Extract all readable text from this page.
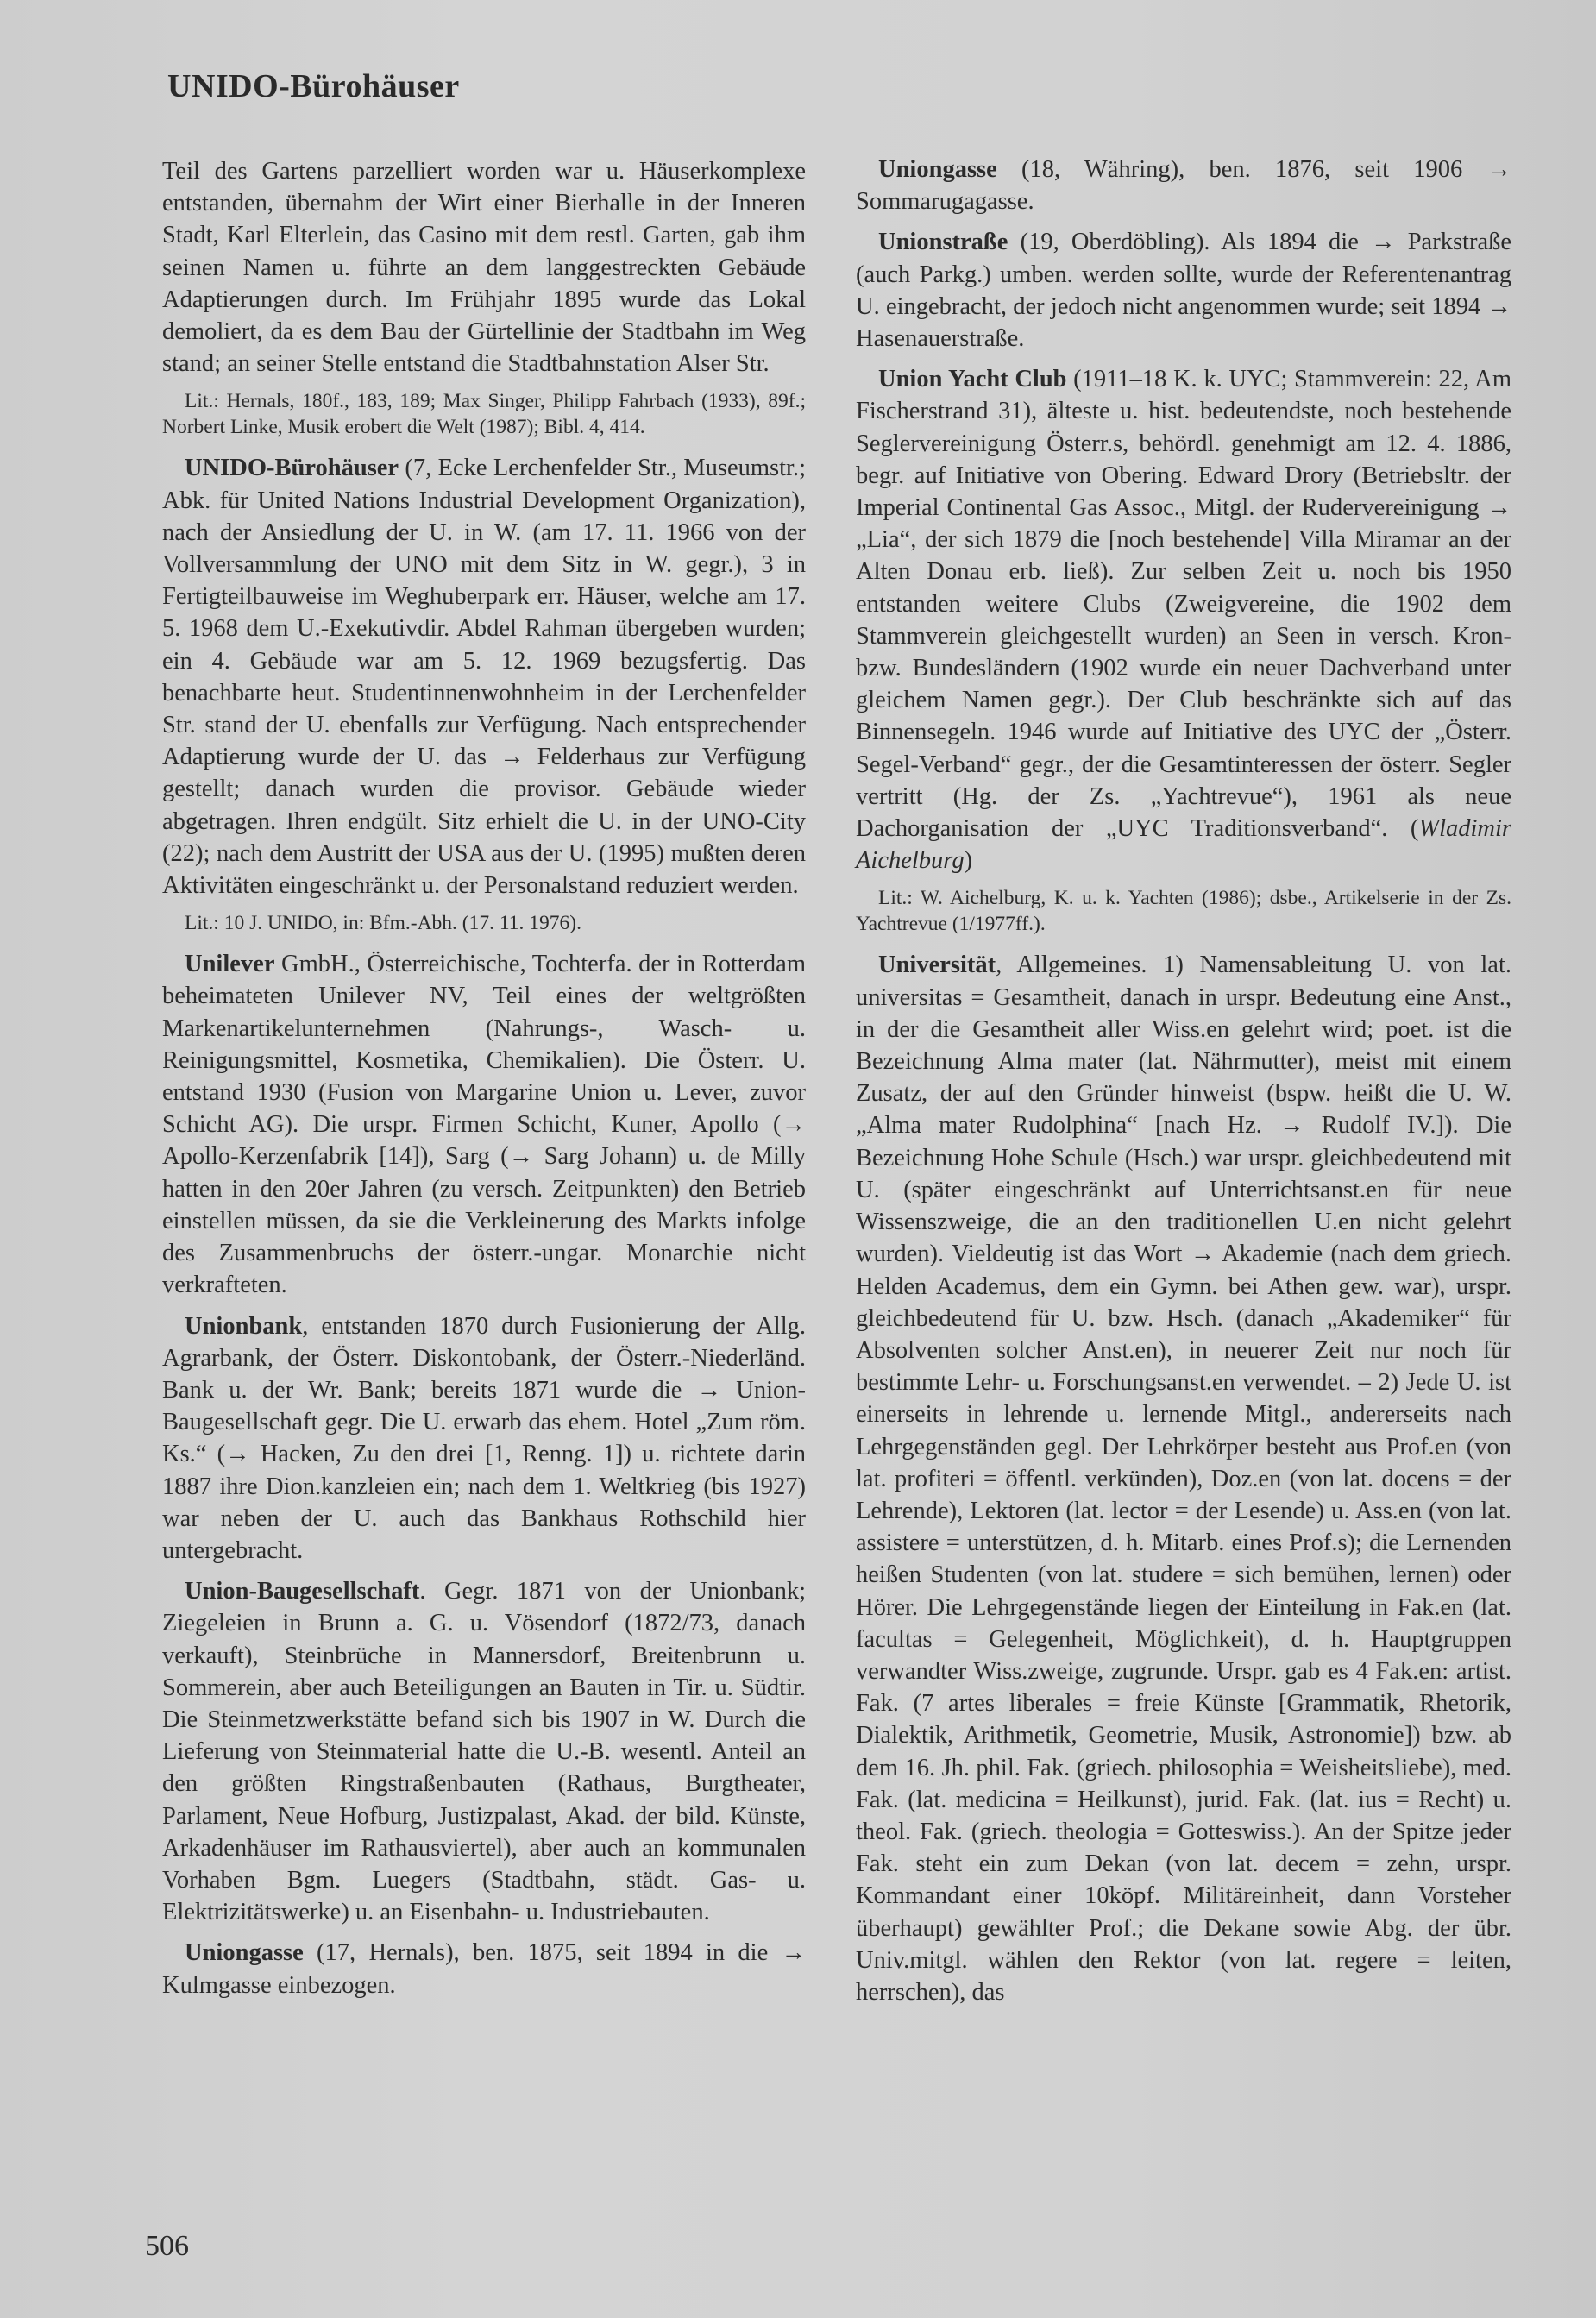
UNIDO-Bürohäuser

Teil des Gartens parzelliert worden war u. Häuserkomplexe entstanden, übernahm der Wirt einer Bierhalle in der Inneren Stadt, Karl Elterlein, das Casino mit dem restl. Garten, gab ihm seinen Namen u. führte an dem langgestreckten Gebäude Adaptierungen durch. Im Frühjahr 1895 wurde das Lokal demoliert, da es dem Bau der Gürtellinie der Stadtbahn im Weg stand; an seiner Stelle entstand die Stadtbahnstation Alser Str.

Lit.: Hernals, 180f., 183, 189; Max Singer, Philipp Fahrbach (1933), 89f.; Norbert Linke, Musik erobert die Welt (1987); Bibl. 4, 414.

UNIDO-Bürohäuser (7, Ecke Lerchenfelder Str., Museumstr.; Abk. für United Nations Industrial Development Organization), nach der Ansiedlung der U. in W. (am 17. 11. 1966 von der Vollversammlung der UNO mit dem Sitz in W. gegr.), 3 in Fertigteilbauweise im Weghuberpark err. Häuser, welche am 17. 5. 1968 dem U.-Exekutivdir. Abdel Rahman übergeben wurden; ein 4. Gebäude war am 5. 12. 1969 bezugsfertig. Das benachbarte heut. Studentinnenwohnheim in der Lerchenfelder Str. stand der U. ebenfalls zur Verfügung. Nach entsprechender Adaptierung wurde der U. das → Felderhaus zur Verfügung gestellt; danach wurden die provisor. Gebäude wieder abgetragen. Ihren endgült. Sitz erhielt die U. in der UNO-City (22); nach dem Austritt der USA aus der U. (1995) mußten deren Aktivitäten eingeschränkt u. der Personalstand reduziert werden.

Lit.: 10 J. UNIDO, in: Bfm.-Abh. (17. 11. 1976).

Unilever GmbH., Österreichische, Tochterfa. der in Rotterdam beheimateten Unilever NV, Teil eines der weltgrößten Markenartikelunternehmen (Nahrungs-, Wasch- u. Reinigungsmittel, Kosmetika, Chemikalien). Die Österr. U. entstand 1930 (Fusion von Margarine Union u. Lever, zuvor Schicht AG). Die urspr. Firmen Schicht, Kuner, Apollo (→ Apollo-Kerzenfabrik [14]), Sarg (→ Sarg Johann) u. de Milly hatten in den 20er Jahren (zu versch. Zeitpunkten) den Betrieb einstellen müssen, da sie die Verkleinerung des Markts infolge des Zusammenbruchs der österr.-ungar. Monarchie nicht verkrafteten.

Unionbank, entstanden 1870 durch Fusionierung der Allg. Agrarbank, der Österr. Diskontobank, der Österr.-Niederländ. Bank u. der Wr. Bank; bereits 1871 wurde die → Union-Baugesellschaft gegr. Die U. erwarb das ehem. Hotel „Zum röm. Ks.“ (→ Hacken, Zu den drei [1, Renng. 1]) u. richtete darin 1887 ihre Dion.kanzleien ein; nach dem 1. Weltkrieg (bis 1927) war neben der U. auch das Bankhaus Rothschild hier untergebracht.

Union-Baugesellschaft. Gegr. 1871 von der Unionbank; Ziegeleien in Brunn a. G. u. Vösendorf (1872/73, danach verkauft), Steinbrüche in Mannersdorf, Breitenbrunn u. Sommerein, aber auch Beteiligungen an Bauten in Tir. u. Südtir. Die Steinmetzwerkstätte befand sich bis 1907 in W. Durch die Lieferung von Steinmaterial hatte die U.-B. wesentl. Anteil an den größten Ringstraßenbauten (Rathaus, Burgtheater, Parlament, Neue Hofburg, Justizpalast, Akad. der bild. Künste, Arkadenhäuser im Rathausviertel), aber auch an kommunalen Vorhaben Bgm. Luegers (Stadtbahn, städt. Gas- u. Elektrizitätswerke) u. an Eisenbahn- u. Industriebauten.

Uniongasse (17, Hernals), ben. 1875, seit 1894 in die → Kulmgasse einbezogen.

Uniongasse (18, Währing), ben. 1876, seit 1906 → Sommarugagasse.

Unionstraße (19, Oberdöbling). Als 1894 die → Parkstraße (auch Parkg.) umben. werden sollte, wurde der Referentenantrag U. eingebracht, der jedoch nicht angenommen wurde; seit 1894 → Hasenauerstraße.

Union Yacht Club (1911–18 K. k. UYC; Stammverein: 22, Am Fischerstrand 31), älteste u. hist. bedeutendste, noch bestehende Seglervereinigung Österr.s, behördl. genehmigt am 12. 4. 1886, begr. auf Initiative von Obering. Edward Drory (Betriebsltr. der Imperial Continental Gas Assoc., Mitgl. der Rudervereinigung → „Lia“, der sich 1879 die [noch bestehende] Villa Miramar an der Alten Donau erb. ließ). Zur selben Zeit u. noch bis 1950 entstanden weitere Clubs (Zweigvereine, die 1902 dem Stammverein gleichgestellt wurden) an Seen in versch. Kron- bzw. Bundesländern (1902 wurde ein neuer Dachverband unter gleichem Namen gegr.). Der Club beschränkte sich auf das Binnensegeln. 1946 wurde auf Initiative des UYC der „Österr. Segel-Verband“ gegr., der die Gesamtinteressen der österr. Segler vertritt (Hg. der Zs. „Yachtrevue“), 1961 als neue Dachorganisation der „UYC Traditionsverband“. (Wladimir Aichelburg)

Lit.: W. Aichelburg, K. u. k. Yachten (1986); dsbe., Artikelserie in der Zs. Yachtrevue (1/1977ff.).

Universität, Allgemeines. 1) Namensableitung U. von lat. universitas = Gesamtheit, danach in urspr. Bedeutung eine Anst., in der die Gesamtheit aller Wiss.en gelehrt wird; poet. ist die Bezeichnung Alma mater (lat. Nährmutter), meist mit einem Zusatz, der auf den Gründer hinweist (bspw. heißt die U. W. „Alma mater Rudolphina“ [nach Hz. → Rudolf IV.]). Die Bezeichnung Hohe Schule (Hsch.) war urspr. gleichbedeutend mit U. (später eingeschränkt auf Unterrichtsanst.en für neue Wissenszweige, die an den traditionellen U.en nicht gelehrt wurden). Vieldeutig ist das Wort → Akademie (nach dem griech. Helden Academus, dem ein Gymn. bei Athen gew. war), urspr. gleichbedeutend für U. bzw. Hsch. (danach „Akademiker“ für Absolventen solcher Anst.en), in neuerer Zeit nur noch für bestimmte Lehr- u. Forschungsanst.en verwendet. – 2) Jede U. ist einerseits in lehrende u. lernende Mitgl., andererseits nach Lehrgegenständen gegl. Der Lehrkörper besteht aus Prof.en (von lat. profiteri = öffentl. verkünden), Doz.en (von lat. docens = der Lehrende), Lektoren (lat. lector = der Lesende) u. Ass.en (von lat. assistere = unterstützen, d. h. Mitarb. eines Prof.s); die Lernenden heißen Studenten (von lat. studere = sich bemühen, lernen) oder Hörer. Die Lehrgegenstände liegen der Einteilung in Fak.en (lat. facultas = Gelegenheit, Möglichkeit), d. h. Hauptgruppen verwandter Wiss.zweige, zugrunde. Urspr. gab es 4 Fak.en: artist. Fak. (7 artes liberales = freie Künste [Grammatik, Rhetorik, Dialektik, Arithmetik, Geometrie, Musik, Astronomie]) bzw. ab dem 16. Jh. phil. Fak. (griech. philosophia = Weisheitsliebe), med. Fak. (lat. medicina = Heilkunst), jurid. Fak. (lat. ius = Recht) u. theol. Fak. (griech. theologia = Gotteswiss.). An der Spitze jeder Fak. steht ein zum Dekan (von lat. decem = zehn, urspr. Kommandant einer 10köpf. Militäreinheit, dann Vorsteher überhaupt) gewählter Prof.; die Dekane sowie Abg. der übr. Univ.mitgl. wählen den Rektor (von lat. regere = leiten, herrschen), das

506
